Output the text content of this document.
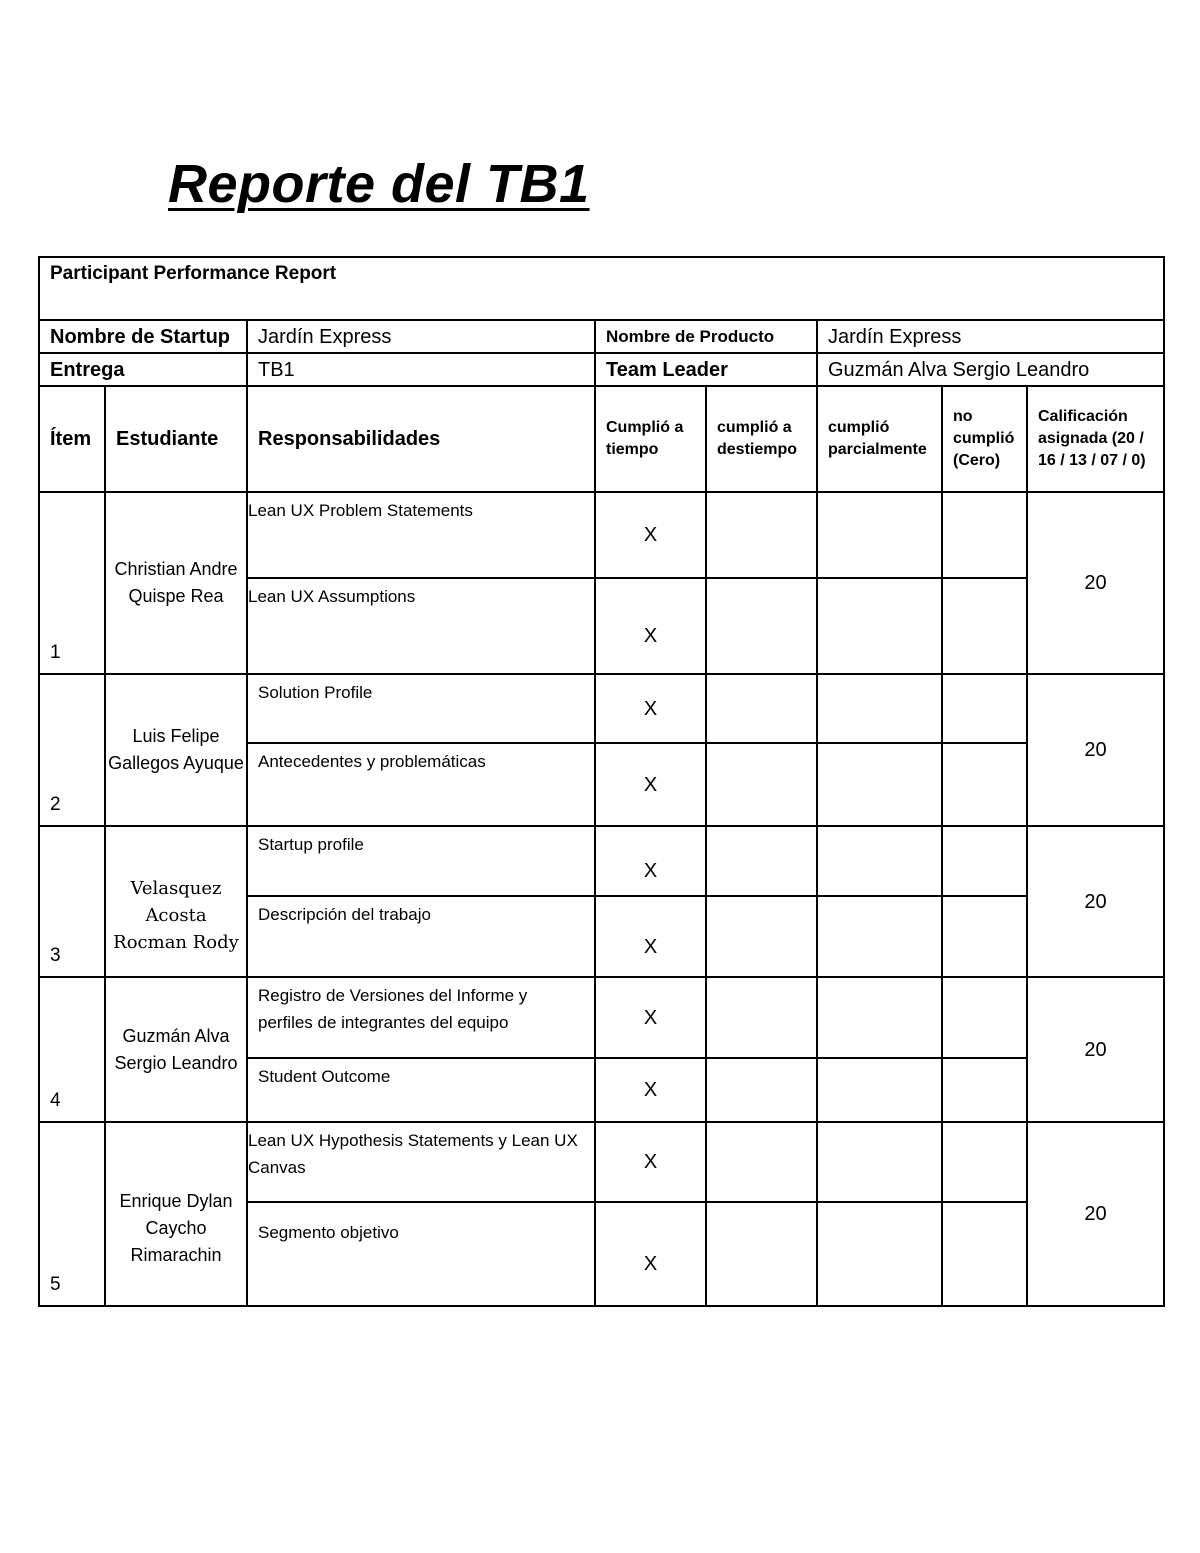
Reporte del TB1
Participant Performance Report							
Nombre de Startup		Jardín Express	Nombre de Producto		Jardín Express		
Entrega		TB1	Team Leader		Guzmán Alva Sergio Leandro		
Ítem	Estudiante	Responsabilidades	Cumplió a tiempo	cumplió a destiempo	cumplió parcialmente	no cumplió (Cero)	Calificación asignada (20 / 16 / 13 / 07 / 0)
1	Christian Andre Quispe Rea	Lean UX Problem Statements	X				20
		Lean UX Assumptions	X				
2	Luis Felipe Gallegos Ayuque	Solution Profile	X				20
		Antecedentes y problemáticas	X				
3	Velasquez Acosta Rocman Rody	Startup profile	X				20
		Descripción del trabajo	X				
4	Guzmán Alva Sergio Leandro	Registro de Versiones del Informe y perfiles de integrantes del equipo	X				20
		Student Outcome	X				
5	Enrique Dylan Caycho Rimarachin	Lean UX Hypothesis Statements y Lean UX Canvas	X				20
		Segmento objetivo	X				
